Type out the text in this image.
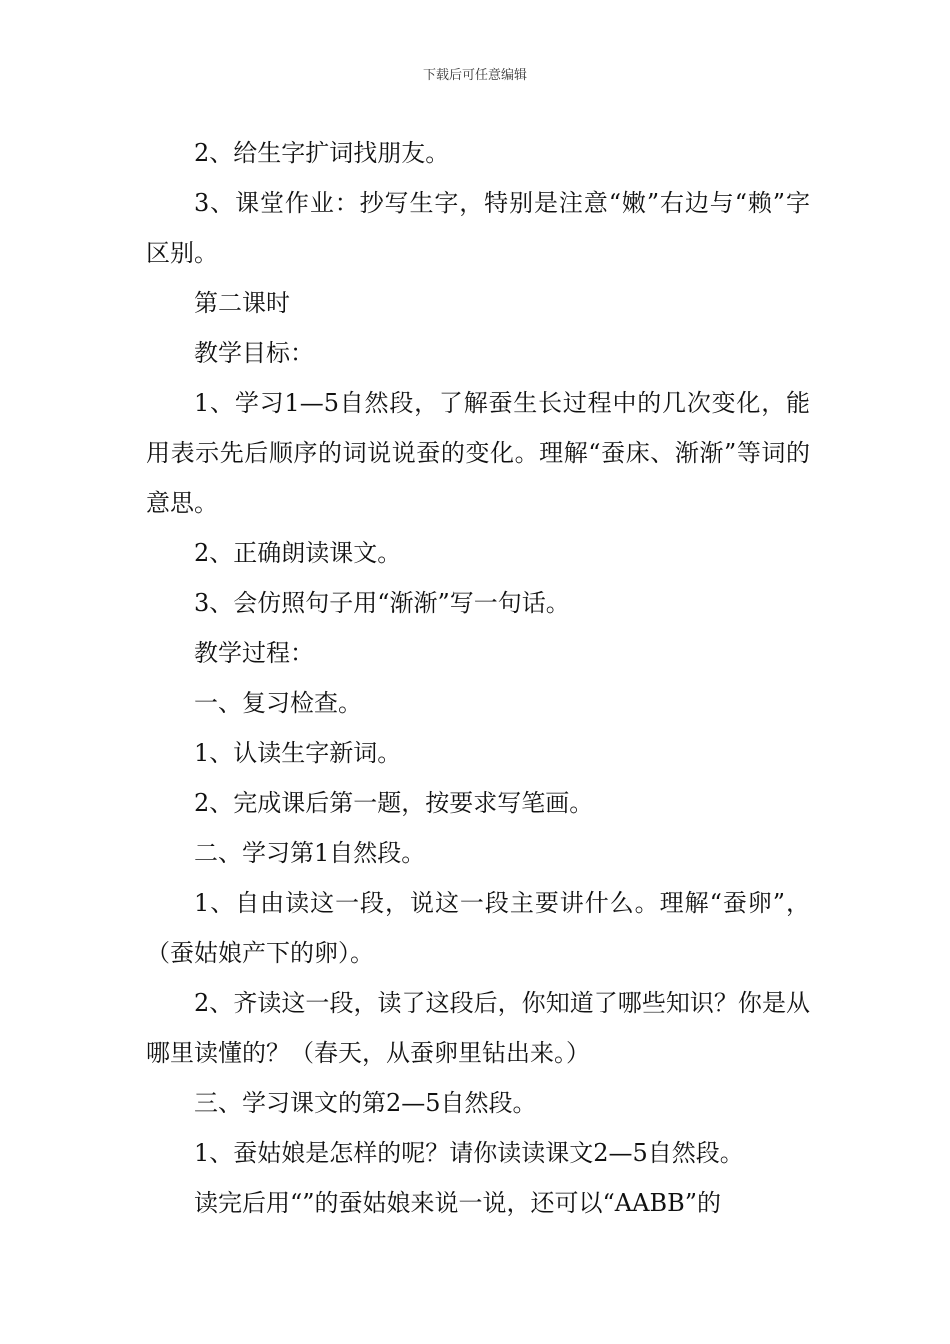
下载后可任意编辑

2、给生字扩词找朋友。

3、课堂作业：抄写生字，特别是注意“嫩”右边与“赖”字区别。

第二课时

教学目标：

1、学习1—5自然段，了解蚕生长过程中的几次变化，能用表示先后顺序的词说说蚕的变化。理解“蚕床、渐渐”等词的意思。

2、正确朗读课文。

3、会仿照句子用“渐渐”写一句话。

教学过程：

一、复习检查。

1、认读生字新词。

2、完成课后第一题，按要求写笔画。

二、学习第1自然段。

1、自由读这一段，说这一段主要讲什么。理解“蚕卵”，（蚕姑娘产下的卵）。

2、齐读这一段，读了这段后，你知道了哪些知识？你是从哪里读懂的？（春天，从蚕卵里钻出来。）

三、学习课文的第2—5自然段。

1、蚕姑娘是怎样的呢？请你读读课文2—5自然段。

读完后用“”的蚕姑娘来说一说，还可以“AABB”的
